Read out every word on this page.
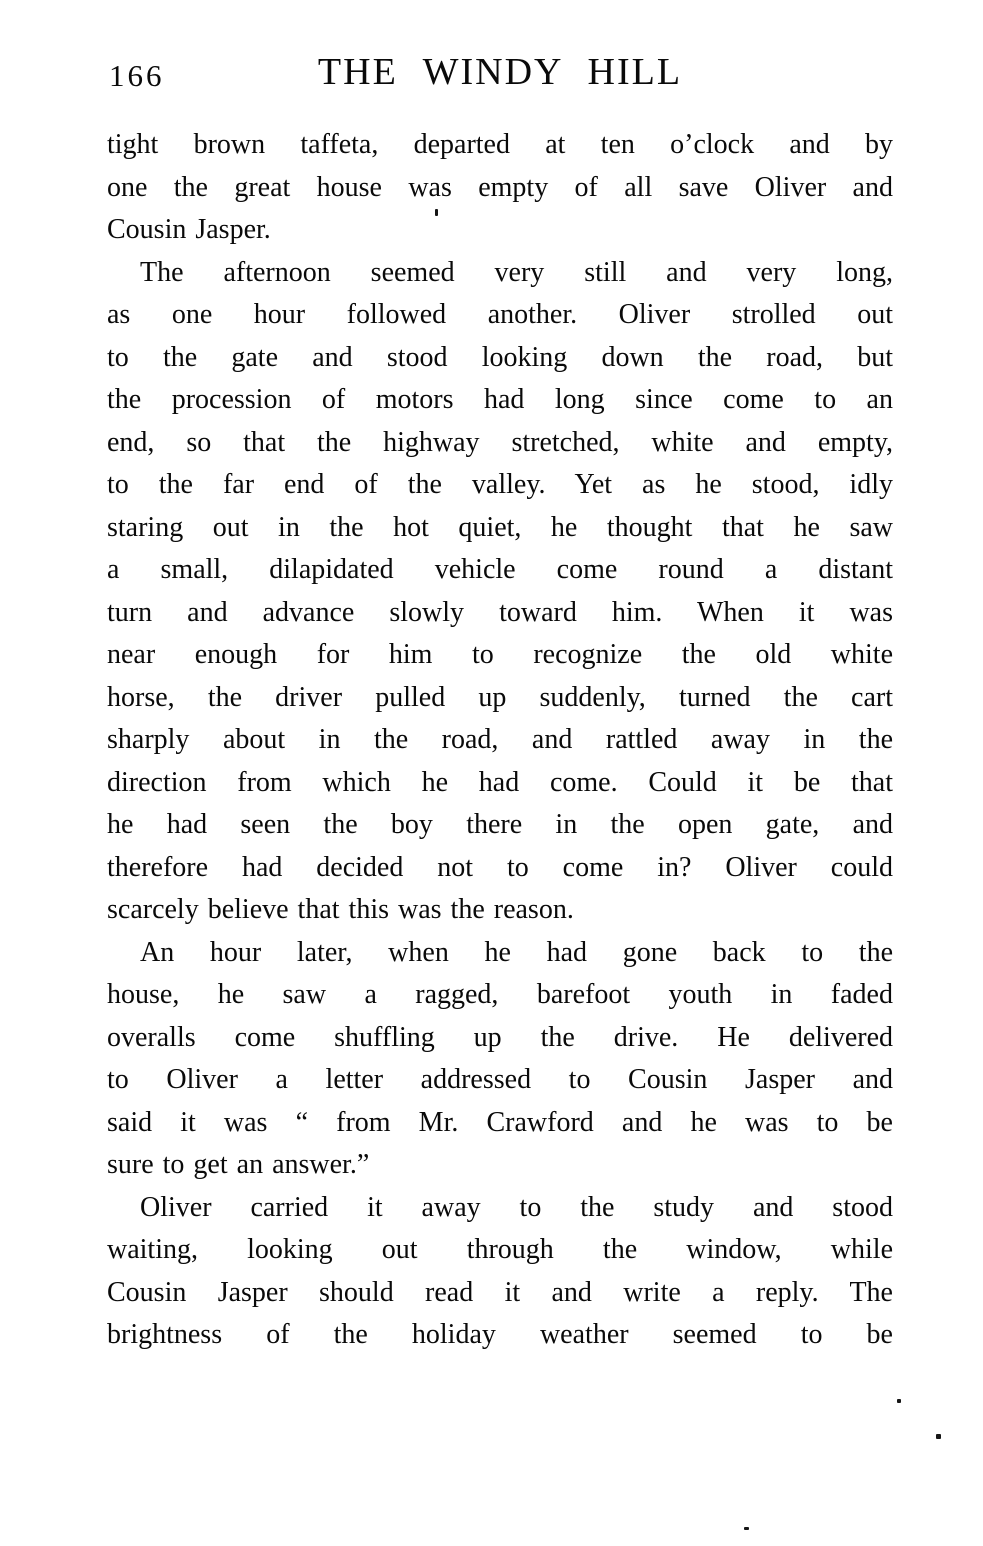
166	THE WINDY HILL
tight brown taffeta, departed at ten o’clock and by
one the great house was empty of all save Oliver and
Cousin Jasper.
The afternoon seemed very still and very long,
as one hour followed another. Oliver strolled out
to the gate and stood looking down the road, but
the procession of motors had long since come to an
end, so that the highway stretched, white and empty,
to the far end of the valley. Yet as he stood, idly
staring out in the hot quiet, he thought that he saw
a small, dilapidated vehicle come round a distant
turn and advance slowly toward him. When it was
near enough for him to recognize the old white
horse, the driver pulled up suddenly, turned the cart
sharply about in the road, and rattled away in the
direction from which he had come. Could it be that
he had seen the boy there in the open gate, and
therefore had decided not to come in? Oliver could
scarcely believe that this was the reason.
An hour later, when he had gone back to the
house, he saw a ragged, barefoot youth in faded
overalls come shuffling up the drive. He delivered
to Oliver a letter addressed to Cousin Jasper and
said it was “ from Mr. Crawford and he was to be
sure to get an answer.”
Oliver carried it away to the study and stood
waiting, looking out through the window, while
Cousin Jasper should read it and write a reply. The
brightness of the holiday weather seemed to be
